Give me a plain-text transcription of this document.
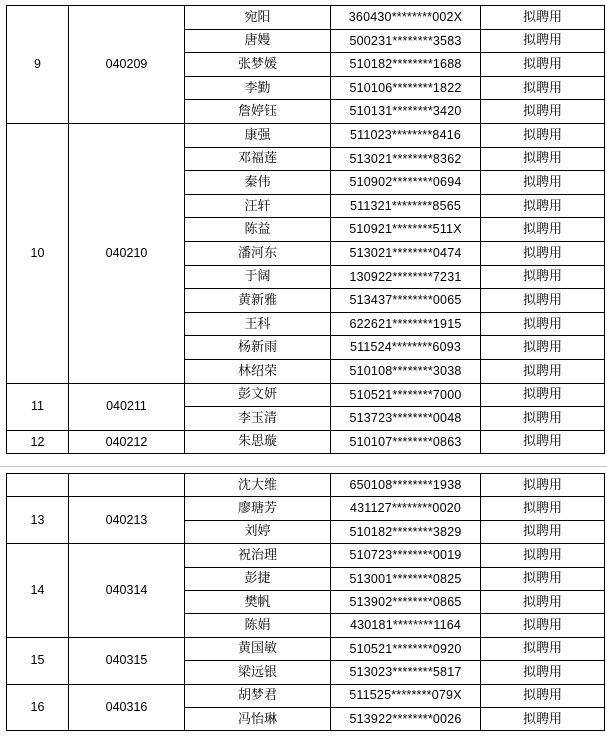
9	040209	宛阳	360430********002X	拟聘用
		唐嫚	500231********3583	拟聘用
		张梦媛	510182********1688	拟聘用
		李勤	510106********1822	拟聘用
		詹婷钰	510131********3420	拟聘用
10	040210	康强	511023********8416	拟聘用
		邓福莲	513021********8362	拟聘用
		秦伟	510902********0694	拟聘用
		汪轩	511321********8565	拟聘用
		陈益	510921********511X	拟聘用
		潘河东	513021********0474	拟聘用
		于阔	130922********7231	拟聘用
		黄新雅	513437********0065	拟聘用
		王科	622621********1915	拟聘用
		杨新雨	511524********6093	拟聘用
		林绍荣	510108********3038	拟聘用
11	040211	彭文妍	510521********7000	拟聘用
		李玉清	513723********0048	拟聘用
12	040212	朱思璇	510107********0863	拟聘用
		沈大维	650108********1938	拟聘用
13	040213	廖瑭芳	431127********0020	拟聘用
		刘婷	510182********3829	拟聘用
14	040314	祝治理	510723********0019	拟聘用
		彭捷	513001********0825	拟聘用
		樊帆	513902********0865	拟聘用
		陈娟	430181********1164	拟聘用
15	040315	黄国敏	510521********0920	拟聘用
		梁远银	513023********5817	拟聘用
16	040316	胡梦君	511525********079X	拟聘用
		冯怡琳	513922********0026	拟聘用
